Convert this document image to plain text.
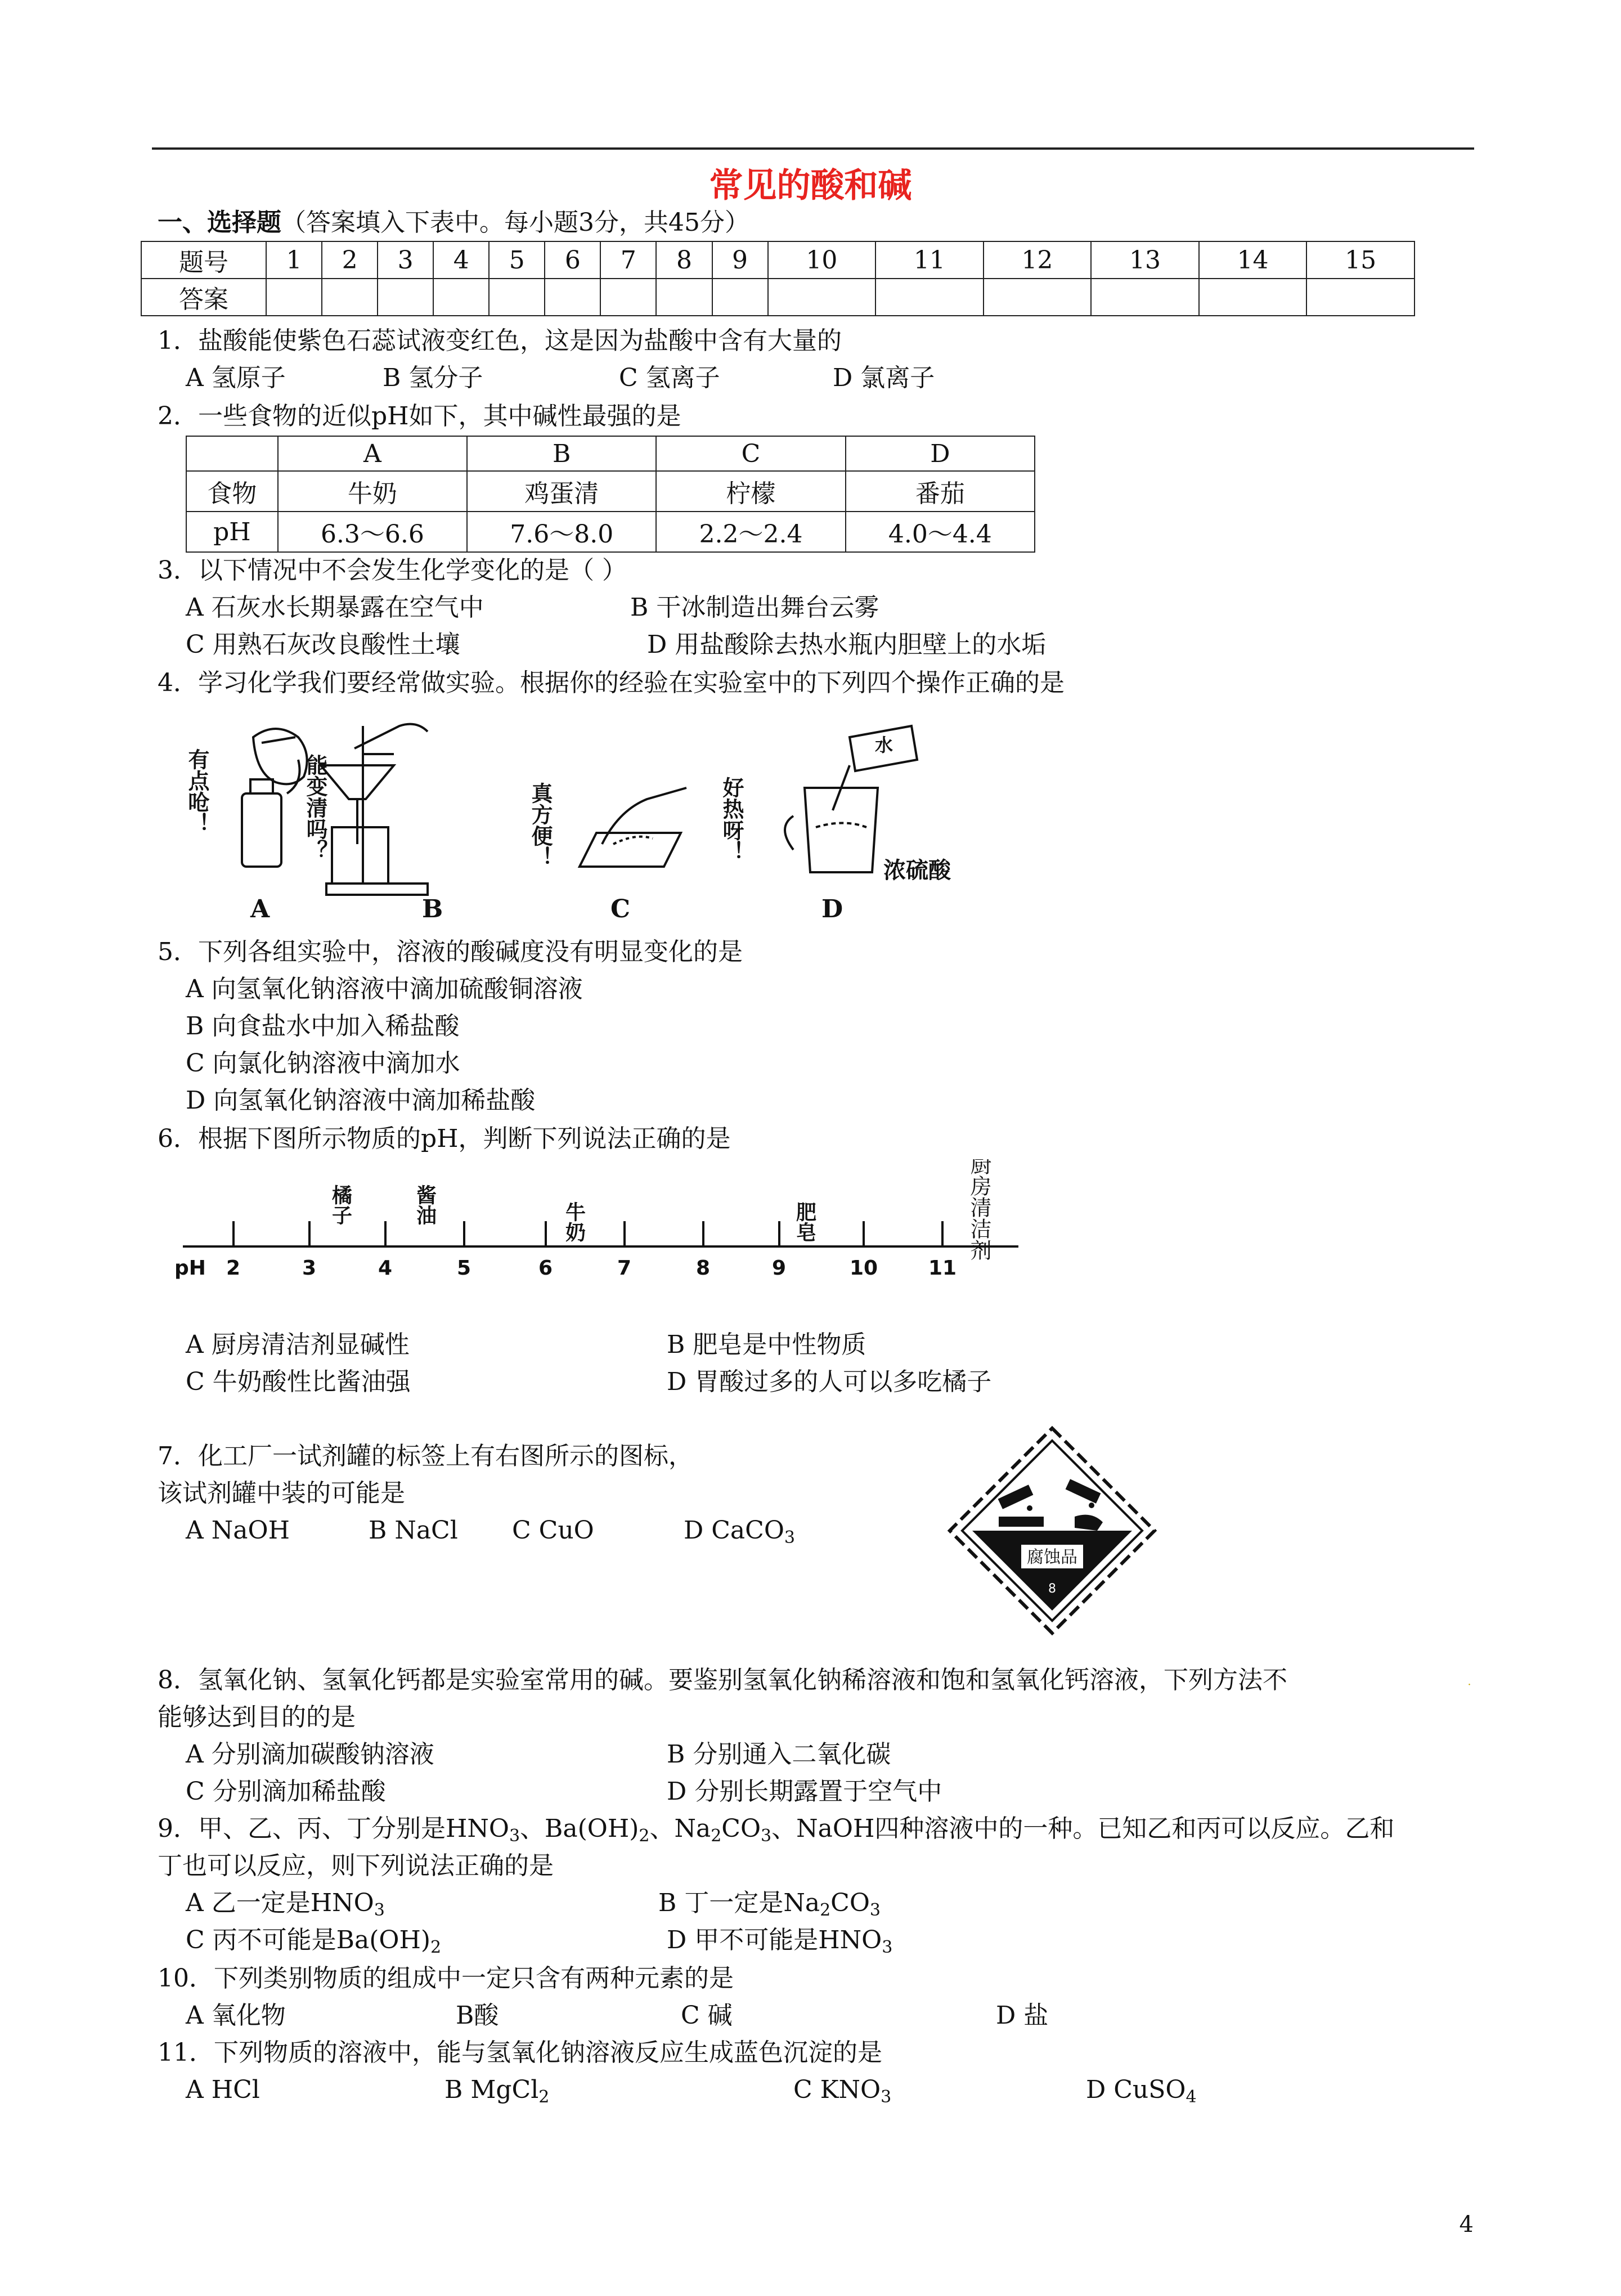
常见的酸和碱
一、选择题（答案填入下表中。每小题3分，共45分）
题号	1	2	3	4	5	6	7	8	9	10	11	12	13	14	15
答案															
1．盐酸能使紫色石蕊试液变红色，这是因为盐酸中含有大量的
A 氢原子	B 氢分子	C 氢离子	D 氯离子
2．一些食物的近似pH如下，其中碱性最强的是
	A	B	C	D
食物	牛奶	鸡蛋清	柠檬	番茄
pH	6.3～6.6	7.6～8.0	2.2～2.4	4.0～4.4
3．以下情况中不会发生化学变化的是（ ）
A 石灰水长期暴露在空气中	B 干冰制造出舞台云雾
C 用熟石灰改良酸性土壤	D 用盐酸除去热水瓶内胆壁上的水垢
4．学习化学我们要经常做实验。根据你的经验在实验室中的下列四个操作正确的是
有点呛！	能变清吗？	真方便！	好热呀！
浓硫酸
水
A	B	C	D
5．下列各组实验中，溶液的酸碱度没有明显变化的是
A 向氢氧化钠溶液中滴加硫酸铜溶液
B 向食盐水中加入稀盐酸
C 向氯化钠溶液中滴加水
D 向氢氧化钠溶液中滴加稀盐酸
6．根据下图所示物质的pH，判断下列说法正确的是
pH 2	3	4	5	6	7	8	9	10 11
橘子	酱油	牛奶	肥皂	厨房清洁剂
A 厨房清洁剂显碱性	B 肥皂是中性物质
C 牛奶酸性比酱油强	D 胃酸过多的人可以多吃橘子
7．化工厂一试剂罐的标签上有右图所示的图标，
该试剂罐中装的可能是
A NaOH	B NaCl C CuO	D CaCO$_3$
腐蚀品
8
8．氢氧化钠、氢氧化钙都是实验室常用的碱。要鉴别氢氧化钠稀溶液和饱和氢氧化钙溶液，下列方法不	˙
能够达到目的的是
A 分别滴加碳酸钠溶液	B 分别通入二氧化碳
C 分别滴加稀盐酸	D 分别长期露置于空气中
9．甲、乙、丙、丁分别是$HNO_3$、$Ba(OH)_2$、$Na_2CO_3$、NaOH四种溶液中的一种。已知乙和丙可以反应。乙和
丁也可以反应，则下列说法正确的是
A 乙一定是$HNO_3$	B 丁一定是$Na_2CO_3$
C 丙不可能是$Ba(OH)_2$	D 甲不可能是$HNO_3$
10．下列类别物质的组成中一定只含有两种元素的是
A 氧化物	B酸	C 碱	D 盐
11．下列物质的溶液中，能与氢氧化钠溶液反应生成蓝色沉淀的是
A HCl	B MgCl$_2$	C $KNO_3$	D CuSO$_4$
4
